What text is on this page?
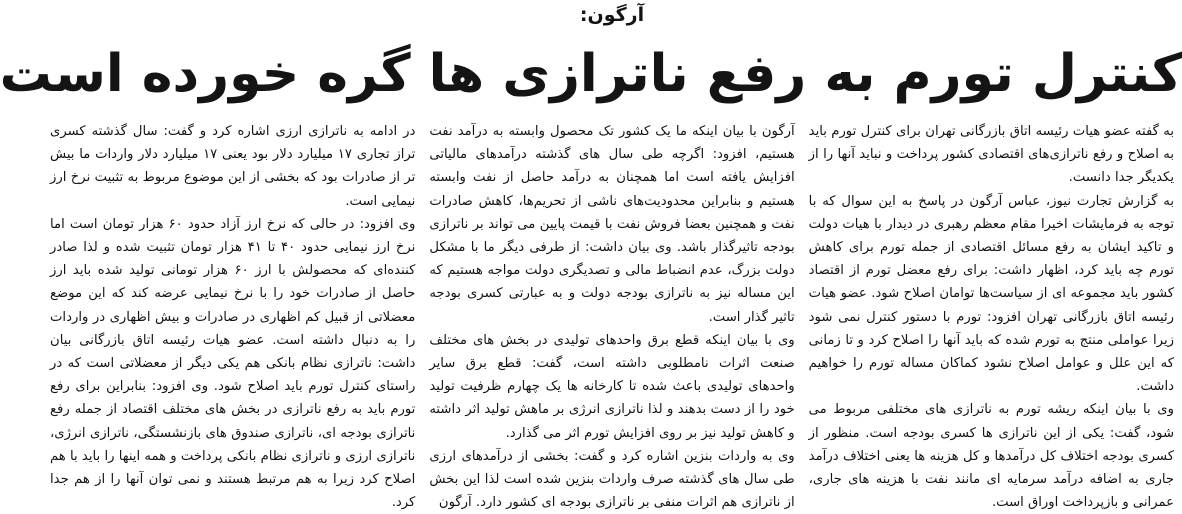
آرگون:
کنترل تورم به رفع ناترازی ها گره خورده است

به گفته عضو هیات رئیسه اتاق بازرگانی تهران برای کنترل تورم باید به اصلاح و رفع ناترازی‌های اقتصادی کشور پرداخت و نباید آنها را از یکدیگر جدا دانست.

به گزارش تجارت نیوز، عباس آرگون در پاسخ به این سوال که با توجه به فرمایشات اخیرا مقام معظم رهبری در دیدار با هیات دولت و تاکید ایشان به رفع مسائل اقتصادی از جمله تورم برای کاهش تورم چه باید کرد، اظهار داشت: برای رفع معضل تورم از اقتصاد کشور باید مجموعه ای از سیاست‌ها توامان اصلاح شود. عضو هیات رئیسه اتاق بازرگانی تهران افزود: تورم با دستور کنترل نمی شود زیرا عواملی منتج به تورم شده که باید آنها را اصلاح کرد و تا زمانی که این علل و عوامل اصلاح نشود کماکان مساله تورم را خواهیم داشت.

وی با بیان اینکه ریشه تورم به ناترازی های مختلفی مربوط می شود، گفت: یکی از این ناترازی ها کسری بودجه است. منظور از کسری بودجه اختلاف کل درآمدها و کل هزینه ها یعنی اختلاف درآمد جاری به اضافه درآمد سرمایه ای مانند نفت با هزینه های جاری، عمرانی و بازپرداخت اوراق است.

آرگون با بیان اینکه ما یک کشور تک محصول وابسته به درآمد نفت هستیم، افزود: اگرچه طی سال های گذشته درآمدهای مالیاتی افزایش یافته است اما همچنان به درآمد حاصل از نفت وابسته هستیم و بنابراین محدودیت‌های ناشی از تحریم‌ها، کاهش صادرات نفت و همچنین بعضا فروش نفت با قیمت پایین می تواند بر ناترازی بودجه تاثیرگذار باشد. وی بیان داشت: از طرفی دیگر ما با مشکل دولت بزرگ، عدم انضباط مالی و تصدیگری دولت مواجه هستیم که این مساله نیز به ناترازی بودجه دولت و به عبارتی کسری بودجه تاثیر گذار است.

وی با بیان اینکه قطع برق واحدهای تولیدی در بخش های مختلف صنعت اثرات نامطلوبی داشته است، گفت: قطع برق سایر واحدهای تولیدی باعث شده تا کارخانه ها یک چهارم ظرفیت تولید خود را از دست بدهند و لذا ناترازی انرژی بر ماهش تولید اثر داشته و کاهش تولید نیز بر روی افزایش تورم اثر می گذارد.

وی به واردات بنزین اشاره کرد و گفت: بخشی از درآمدهای ارزی طی سال های گذشته صرف واردات بنزین شده است لذا این بخش از ناترازی هم اثرات منفی بر ناترازی بودجه ای کشور دارد. آرگون

در ادامه به ناترازی ارزی اشاره کرد و گفت: سال گذشته کسری تراز تجاری ۱۷ میلیارد دلار بود یعنی ۱۷ میلیارد دلار واردات ما بیش تر از صادرات بود که بخشی از این موضوع مربوط به تثبیت نرخ ارز نیمایی است.

وی افزود: در حالی که نرخ ارز آزاد حدود ۶۰ هزار تومان است اما نرخ ارز نیمایی حدود ۴۰ تا ۴۱ هزار تومان تثبیت شده و لذا صادر کننده‌ای که محصولش با ارز ۶۰ هزار تومانی تولید شده باید ارز حاصل از صادرات خود را با نرخ نیمایی عرضه کند که این موضع معضلاتی از قبیل کم اظهاری در صادرات و بیش اظهاری در واردات را به دنبال داشته است. عضو هیات رئیسه اتاق بازرگانی بیان داشت: ناترازی نظام بانکی هم یکی دیگر از معضلاتی است که در راستای کنترل تورم باید اصلاح شود. وی افزود: بنابراین برای رفع تورم باید به رفع ناترازی در بخش های مختلف اقتصاد از جمله رفع ناترازی بودجه ای، ناترازی صندوق های بازنشستگی، ناترازی انرژی، ناترازی ارزی و ناترازی نظام بانکی پرداخت و همه اینها را باید با هم اصلاح کرد زیرا به هم مرتبط هستند و نمی توان آنها را از هم جدا کرد.
